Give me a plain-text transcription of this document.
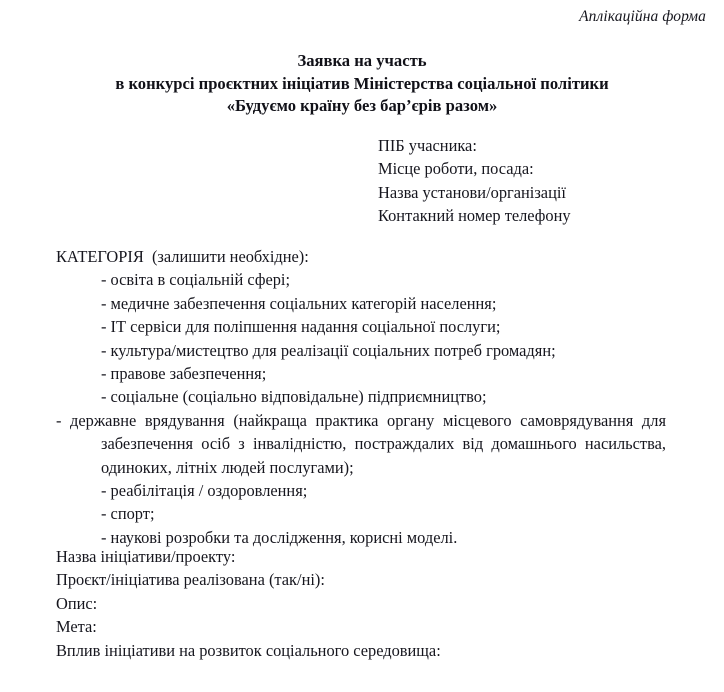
Аплікаційна форма
Заявка на участь
в конкурсі проєктних ініціатив Міністерства соціальної політики
«Будуємо країну без бар’єрів разом»
ПІБ учасника:
Місце роботи, посада:
Назва установи/організації
Контакний номер телефону
КАТЕГОРІЯ  (залишити необхідне):
- освіта в соціальній сфері;
- медичне забезпечення соціальних категорій населення;
- ІТ сервіси для поліпшення надання соціальної послуги;
- культура/мистецтво для реалізації соціальних потреб громадян;
- правове забезпечення;
- соціальне (соціально відповідальне) підприємництво;
- державне врядування (найкраща практика органу місцевого самоврядування для забезпечення осіб з інвалідністю, постраждалих від домашнього насильства, одиноких, літніх людей послугами);
- реабілітація / оздоровлення;
- спорт;
- наукові розробки та дослідження, корисні моделі.
Назва ініціативи/проекту:
Проєкт/ініціатива реалізована (так/ні):
Опис:
Мета:
Вплив ініціативи на розвиток соціального середовища:
